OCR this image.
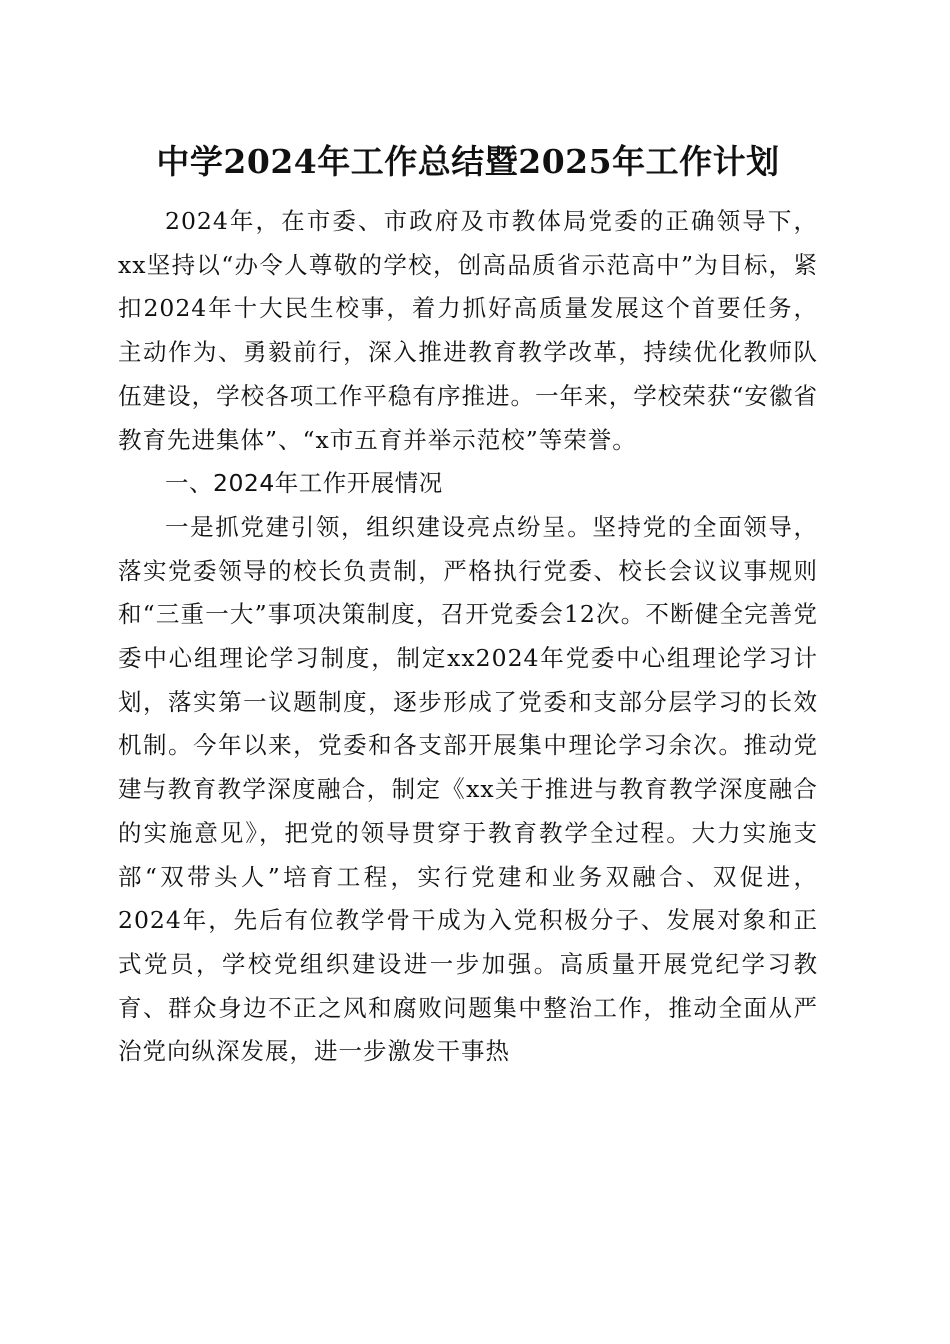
中学2024年工作总结暨2025年工作计划

2024年，在市委、市政府及市教体局党委的正确领导下，xx坚持以“办令人尊敬的学校，创高品质省示范高中”为目标，紧扣2024年十大民生校事，着力抓好高质量发展这个首要任务，主动作为、勇毅前行，深入推进教育教学改革，持续优化教师队伍建设，学校各项工作平稳有序推进。一年来，学校荣获“安徽省教育先进集体”、“x市五育并举示范校”等荣誉。

一、2024年工作开展情况

一是抓党建引领，组织建设亮点纷呈。坚持党的全面领导，落实党委领导的校长负责制，严格执行党委、校长会议议事规则和“三重一大”事项决策制度，召开党委会12次。不断健全完善党委中心组理论学习制度，制定xx2024年党委中心组理论学习计划，落实第一议题制度，逐步形成了党委和支部分层学习的长效机制。今年以来，党委和各支部开展集中理论学习余次。推动党建与教育教学深度融合，制定《xx关于推进与教育教学深度融合的实施意见》，把党的领导贯穿于教育教学全过程。大力实施支部“双带头人”培育工程，实行党建和业务双融合、双促进，2024年，先后有位教学骨干成为入党积极分子、发展对象和正式党员，学校党组织建设进一步加强。高质量开展党纪学习教育、群众身边不正之风和腐败问题集中整治工作，推动全面从严治党向纵深发展，进一步激发干事热
